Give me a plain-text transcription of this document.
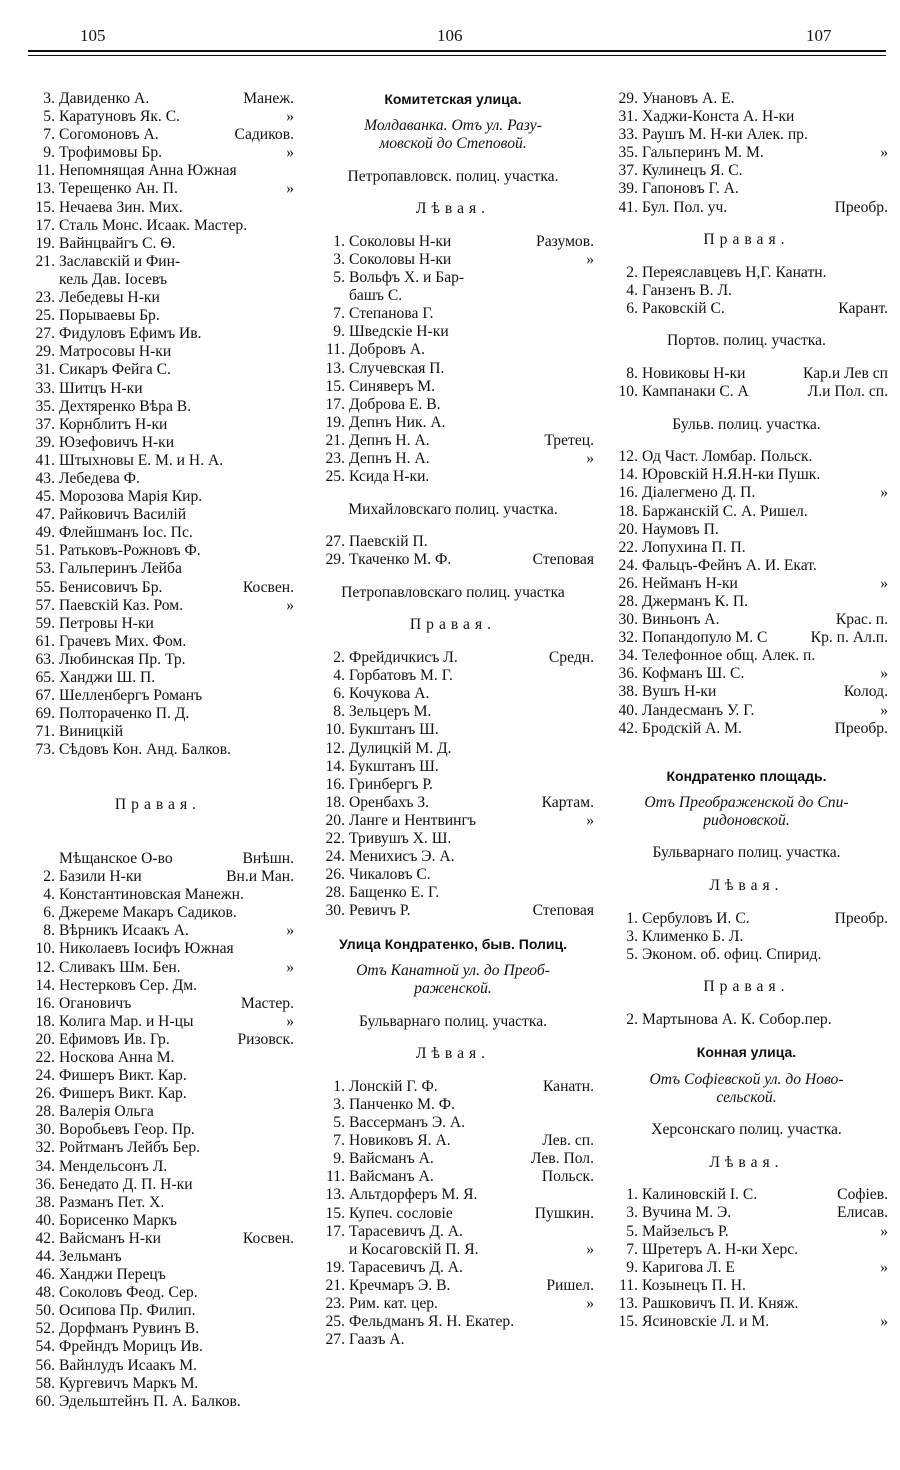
105	106	107
3. Давиденко А.	Манеж.
5. Каратуновъ Як. С.	»
7. Согомоновъ А.	Садиков.
9. Трофимовы Бр.	»
11. Непомнящая Анна Южная
13. Терещенко Ан. П.	»
15. Нечаева Зин. Мих.
17. Сталь Монс. Исаак. Мастер.
19. Вайнцвайгъ С. Ѳ.
21. Заславскій и Фин-
кель Дав. Іосевъ
23. Лебедевы Н-ки
25. Порываевы Бр.
27. Фидуловъ Ефимъ Ив.
29. Матросовы Н-ки
31. Сикаръ Фейга С.
33. Шитцъ Н-ки
35. Дехтяренко Вѣра В.
37. Корнблитъ Н-ки
39. Юзефовичъ Н-ки
41. Штыхновы Е. М. и Н. А.
43. Лебедева Ф.
45. Морозова Марія Кир.
47. Райковичъ Василій
49. Флейшманъ Іос. Пс.
51. Ратьковъ-Рожновъ Ф.
53. Гальперинъ Лейба
55. Бенисовичъ Бр.	Косвен.
57. Паевскій Каз. Ром.	»
59. Петровы Н-ки
61. Грачевъ Мих. Фом.
63. Любинская Пр. Тр.
65. Ханджи Ш. П.
67. Шелленбергъ Романъ
69. Полтораченко П. Д.
71. Виницкій
73. Сѣдовъ Кон. Анд. Балков.
Правая.
Мѣщанское О-во	Внѣшн.
2. Базили Н-ки	Вн.и Ман.
4. Константиновская Манежн.
6. Джереме Макаръ Садиков.
8. Вѣрникъ Исаакъ А.	»
10. Николаевъ Іосифъ Южная
12. Сливакъ Шм. Бен.	»
14. Нестерковъ Сер. Дм.
16. Огановичъ	Мастер.
18. Колига Мар. и Н-цы	»
20. Ефимовъ Ив. Гр.	Ризовск.
22. Носкова Анна М.
24. Фишеръ Викт. Кар.
26. Фишеръ Викт. Кар.
28. Валерія Ольга
30. Воробьевъ Геор. Пр.
32. Ройтманъ Лейбъ Бер.
34. Мендельсонъ Л.
36. Бенедато Д. П. Н-ки
38. Разманъ Пет. Х.
40. Борисенко Маркъ
42. Вайсманъ Н-ки	Косвен.
44. Зельманъ
46. Ханджи Перецъ
48. Соколовъ Феод. Сер.
50. Осипова Пр. Филип.
52. Дорфманъ Рувинъ В.
54. Фрейндъ Морицъ Ив.
56. Вайнлудъ Исаакъ М.
58. Кургевичъ Маркъ М.
60. Эдельштейнъ П. А. Балков.
Комитетская улица.
Молдаванка. Отъ ул. Разу-
мовской до Степовой.
Петропавловск. полиц. участка.
Лѣвая.
1. Соколовы Н-ки	Разумов.
3. Соколовы Н-ки	»
5. Вольфъ Х. и Бар-
башъ С.
7. Степанова Г.
9. Шведскіе Н-ки
11. Добровъ А.
13. Случевская П.
15. Синяверъ М.
17. Доброва Е. В.
19. Депнъ Ник. А.
21. Депнъ Н. А.	Третец.
23. Депнъ Н. А.	»
25. Ксида Н-ки.
Михайловскаго полиц. участка.
27. Паевскій П.
29. Ткаченко М. Ф.	Степовая
Петропавловскаго полиц. участка
Правая.
2. Фрейдичкисъ Л.	Средн.
4. Горбатовъ М. Г.
6. Кочукова А.
8. Зельцеръ М.
10. Букштанъ Ш.
12. Дулицкій М. Д.
14. Букштанъ Ш.
16. Гринбергъ Р.
18. Оренбахъ З.	Картам.
20. Ланге и Нентвингъ	»
22. Тривушъ Х. Ш.
24. Менихисъ Э. А.
26. Чикаловъ С.
28. Бащенко Е. Г.
30. Ревичъ Р.	Степовая
Улица Кондратенко, быв. Полиц.
Отъ Канатной ул. до Преоб-
раженской.
Бульварнаго полиц. участка.
Лѣвая.
1. Лонскій Г. Ф.	Канатн.
3. Панченко М. Ф.
5. Вассерманъ Э. А.
7. Новиковъ Я. А.	Лев. сп.
9. Вайсманъ А.	Лев. Пол.
11. Вайсманъ А.	Польск.
13. Альтдорферъ М. Я.
15. Купеч. сословіе	Пушкин.
17. Тарасевичъ Д. А.
и Косаговскій П. Я.	»
19. Тарасевичъ Д. А.
21. Кречмаръ Э. В.	Ришел.
23. Рим. кат. цер.	»
25. Фельдманъ Я. Н. Екатер.
27. Гаазъ А.
29. Унановъ А. Е.
31. Хаджи-Конста А. Н-ки
33. Раушъ М. Н-ки Алек. пр.
35. Гальперинъ М. М.	»
37. Кулинецъ Я. С.
39. Гапоновъ Г. А.
41. Бул. Пол. уч.	Преобр.
Правая.
2. Переяславцевъ Н,Г. Канатн.
4. Ганзенъ В. Л.
6. Раковскій С.	Карант.
Портов. полиц. участка.
8. Новиковы Н-ки	Кар.и Лев сп
10. Кампанаки С. А	Л.и Пол. сп.
Бульв. полиц. участка.
12. Од Част. Ломбар. Польск.
14. Юровскій Н.Я.Н-ки Пушк.
16. Діалегмено Д. П.	»
18. Баржанскій С. А. Ришел.
20. Наумовъ П.
22. Лопухина П. П.
24. Фальцъ-Фейнъ А. И. Екат.
26. Нейманъ Н-ки	»
28. Джерманъ К. П.
30. Виньонъ А.	Крас. п.
32. Попандопуло М. С	Кр. п. Ал.п.
34. Телефонное общ. Алек. п.
36. Кофманъ Ш. С.	»
38. Вушъ Н-ки	Колод.
40. Ландесманъ У. Г.	»
42. Бродскій А. М.	Преобр.
Кондратенко площадь.
Отъ Преображенской до Спи-
ридоновской.
Бульварнаго полиц. участка.
Лѣвая.
1. Сербуловъ И. С.	Преобр.
3. Клименко Б. Л.
5. Эконом. об. офиц. Спирид.
Правая.
2. Мартынова А. К. Собор.пер.
Конная улица.
Отъ Софіевской ул. до Ново-
сельской.
Херсонскаго полиц. участка.
Лѣвая.
1. Калиновскій І. С.	Софіев.
3. Вучина М. Э.	Елисав.
5. Майзельсъ Р.	»
7. Шретеръ А. Н-ки Херс.
9. Каригова Л. Е	»
11. Козынецъ П. Н.
13. Рашковичъ П. И. Княж.
15. Ясиновскіе Л. и М.	»
